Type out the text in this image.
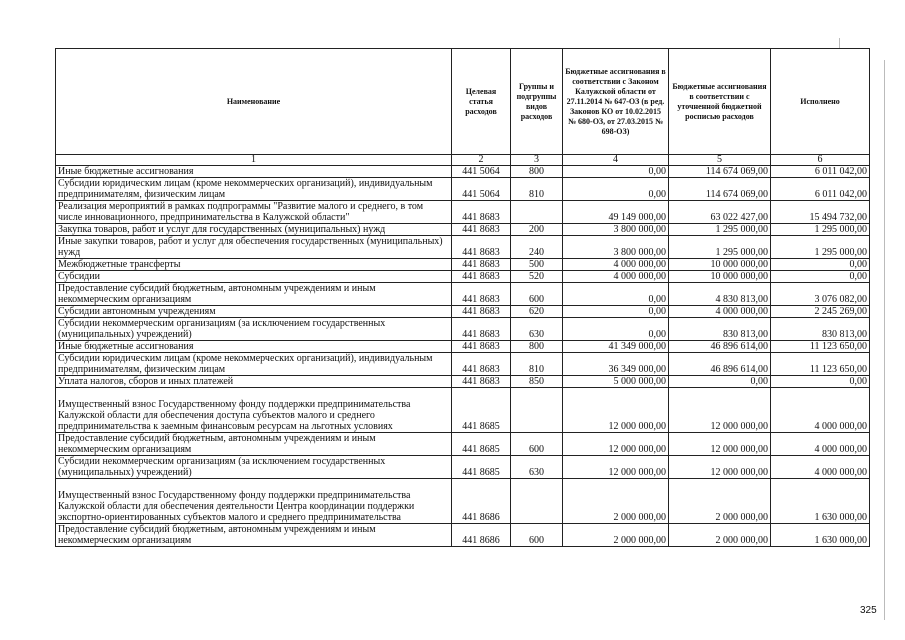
Наименование	Целевая статья расходов	Группы и подгруппы видов расходов	Бюджетные ассигнования в соответствии с Законом Калужской области от 27.11.2014 № 647-ОЗ (в ред. Законов КО от 10.02.2015 № 680-ОЗ, от 27.03.2015 № 698-ОЗ)	Бюджетные ассигнования в соответствии с уточненной бюджетной росписью расходов	Исполнено
1	2	3	4	5	6
Иные бюджетные ассигнования	441 5064	800	0,00	114 674 069,00	6 011 042,00
Субсидии юридическим лицам (кроме некоммерческих организаций), индивидуальным предпринимателям, физическим лицам	441 5064	810	0,00	114 674 069,00	6 011 042,00
Реализация мероприятий в рамках подпрограммы "Развитие малого и среднего, в том числе инновационного, предпринимательства в Калужской области"	441 8683		49 149 000,00	63 022 427,00	15 494 732,00
Закупка товаров, работ и услуг для государственных (муниципальных) нужд	441 8683	200	3 800 000,00	1 295 000,00	1 295 000,00
Иные закупки товаров, работ и услуг для обеспечения государственных (муниципальных) нужд	441 8683	240	3 800 000,00	1 295 000,00	1 295 000,00
Межбюджетные трансферты	441 8683	500	4 000 000,00	10 000 000,00	0,00
Субсидии	441 8683	520	4 000 000,00	10 000 000,00	0,00
Предоставление субсидий бюджетным, автономным учреждениям и иным некоммерческим организациям	441 8683	600	0,00	4 830 813,00	3 076 082,00
Субсидии автономным учреждениям	441 8683	620	0,00	4 000 000,00	2 245 269,00
Субсидии некоммерческим организациям (за исключением государственных (муниципальных) учреждений)	441 8683	630	0,00	830 813,00	830 813,00
Иные бюджетные ассигнования	441 8683	800	41 349 000,00	46 896 614,00	11 123 650,00
Субсидии юридическим лицам (кроме некоммерческих организаций), индивидуальным предпринимателям, физическим лицам	441 8683	810	36 349 000,00	46 896 614,00	11 123 650,00
Уплата налогов, сборов и иных платежей	441 8683	850	5 000 000,00	0,00	0,00

Имущественный взнос Государственному фонду поддержки предпринимательства Калужской области для обеспечения доступа субъектов малого и среднего предпринимательства к заемным финансовым ресурсам на льготных условиях	441 8685		12 000 000,00	12 000 000,00	4 000 000,00
Предоставление субсидий бюджетным, автономным учреждениям и иным некоммерческим организациям	441 8685	600	12 000 000,00	12 000 000,00	4 000 000,00
Субсидии некоммерческим организациям (за исключением государственных (муниципальных) учреждений)	441 8685	630	12 000 000,00	12 000 000,00	4 000 000,00

Имущественный взнос Государственному фонду поддержки предпринимательства Калужской области для обеспечения деятельности Центра координации поддержки экспортно-ориентированных субъектов малого и среднего предпринимательства	441 8686		2 000 000,00	2 000 000,00	1 630 000,00
Предоставление субсидий бюджетным, автономным учреждениям и иным некоммерческим организациям	441 8686	600	2 000 000,00	2 000 000,00	1 630 000,00
325
